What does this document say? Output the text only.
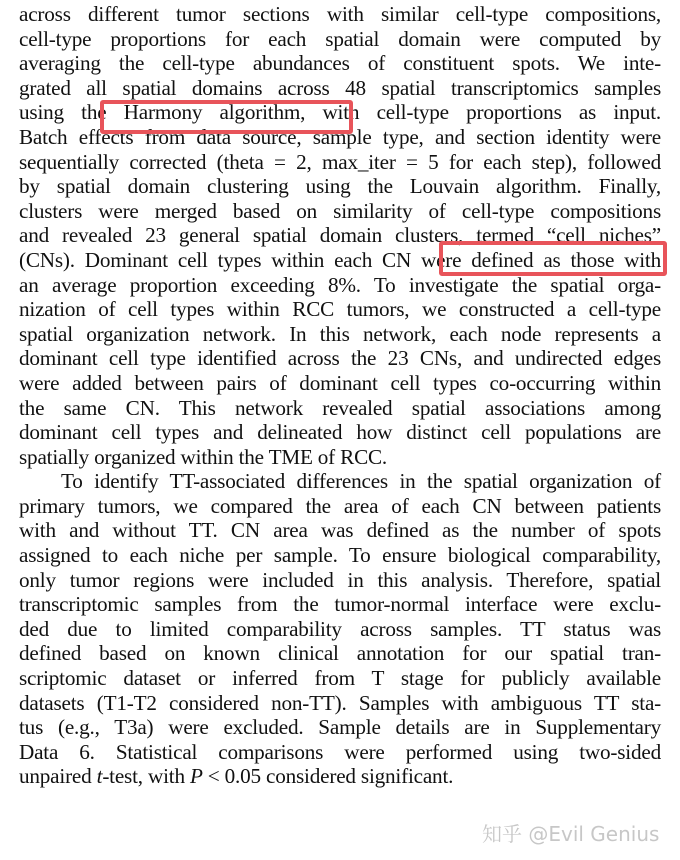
across different tumor sections with similar cell-type compositions,
cell-type proportions for each spatial domain were computed by
averaging the cell-type abundances of constituent spots. We inte-
grated all spatial domains across 48 spatial transcriptomics samples
using the Harmony algorithm, with cell-type proportions as input.
Batch effects from data source, sample type, and section identity were
sequentially corrected (theta = 2, max_iter = 5 for each step), followed
by spatial domain clustering using the Louvain algorithm. Finally,
clusters were merged based on similarity of cell-type compositions
and revealed 23 general spatial domain clusters, termed “cell niches”
(CNs). Dominant cell types within each CN were defined as those with
an average proportion exceeding 8%. To investigate the spatial orga-
nization of cell types within RCC tumors, we constructed a cell-type
spatial organization network. In this network, each node represents a
dominant cell type identified across the 23 CNs, and undirected edges
were added between pairs of dominant cell types co-occurring within
the same CN. This network revealed spatial associations among
dominant cell types and delineated how distinct cell populations are
spatially organized within the TME of RCC.

To identify TT-associated differences in the spatial organization of
primary tumors, we compared the area of each CN between patients
with and without TT. CN area was defined as the number of spots
assigned to each niche per sample. To ensure biological comparability,
only tumor regions were included in this analysis. Therefore, spatial
transcriptomic samples from the tumor-normal interface were exclu-
ded due to limited comparability across samples. TT status was
defined based on known clinical annotation for our spatial tran-
scriptomic dataset or inferred from T stage for publicly available
datasets (T1-T2 considered non-TT). Samples with ambiguous TT sta-
tus (e.g., T3a) were excluded. Sample details are in Supplementary
Data 6. Statistical comparisons were performed using two-sided
unpaired t-test, with P < 0.05 considered significant.

知乎 @Evil Genius
